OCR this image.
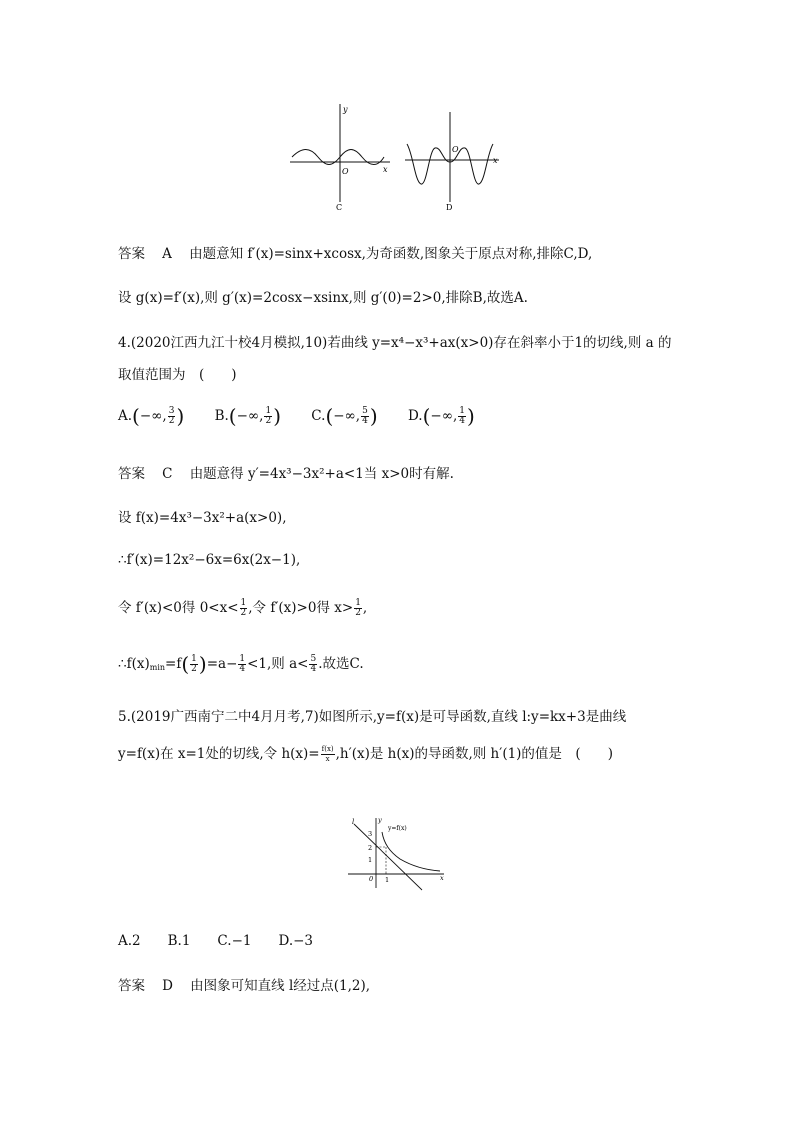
x
y
O
C
x
O
D
答案 A 由题意知 f′(x)=sinx+xcosx,为奇函数,图象关于原点对称,排除C,D,
设 g(x)=f′(x),则 g′(x)=2cosx−xsinx,则 g′(0)=2>0,排除B,故选A.
4.(2020江西九江十校4月模拟,10)若曲线 y=x⁴−x³+ax(x>0)存在斜率小于1的切线,则 a 的
取值范围为　(　　)
A.(−∞, $\frac{3}{2}$ ) B.(−∞, $\frac{1}{2}$ ) C.(−∞, $\frac{5}{4}$ ) D.(−∞, $\frac{1}{4}$ )
答案 C 由题意得 y′=4x³−3x²+a<1当 x>0时有解.
设 f(x)=4x³−3x²+a(x>0),
∴f′(x)=12x²−6x=6x(2x−1),
令 f′(x)<0得 $0<x< \frac{1}{2}$ ,令 f′(x)>0得 $x> \frac{1}{2}$ ,
$\therefore f(x)_{min}=f( \frac{1}{2} )=a- \frac{1}{4} <1$,则 $a< \frac{5}{4}$ .故选C.
5.(2019广西南宁二中4月月考,7)如图所示,y=f(x)是可导函数,直线 l:y=kx+3是曲线
y=f(x)在 x=1处的切线,令 $h(x)= \frac{f(x)}{x} ,h'(x)$是 h(x)的导函数,则 h′(1)的值是　(　　)
l
y=f(x)
1
2
3
1
0	x
y
A.2　　B.1　　C.−1　　D.−3
答案 D 由图象可知直线 l经过点(1,2),
